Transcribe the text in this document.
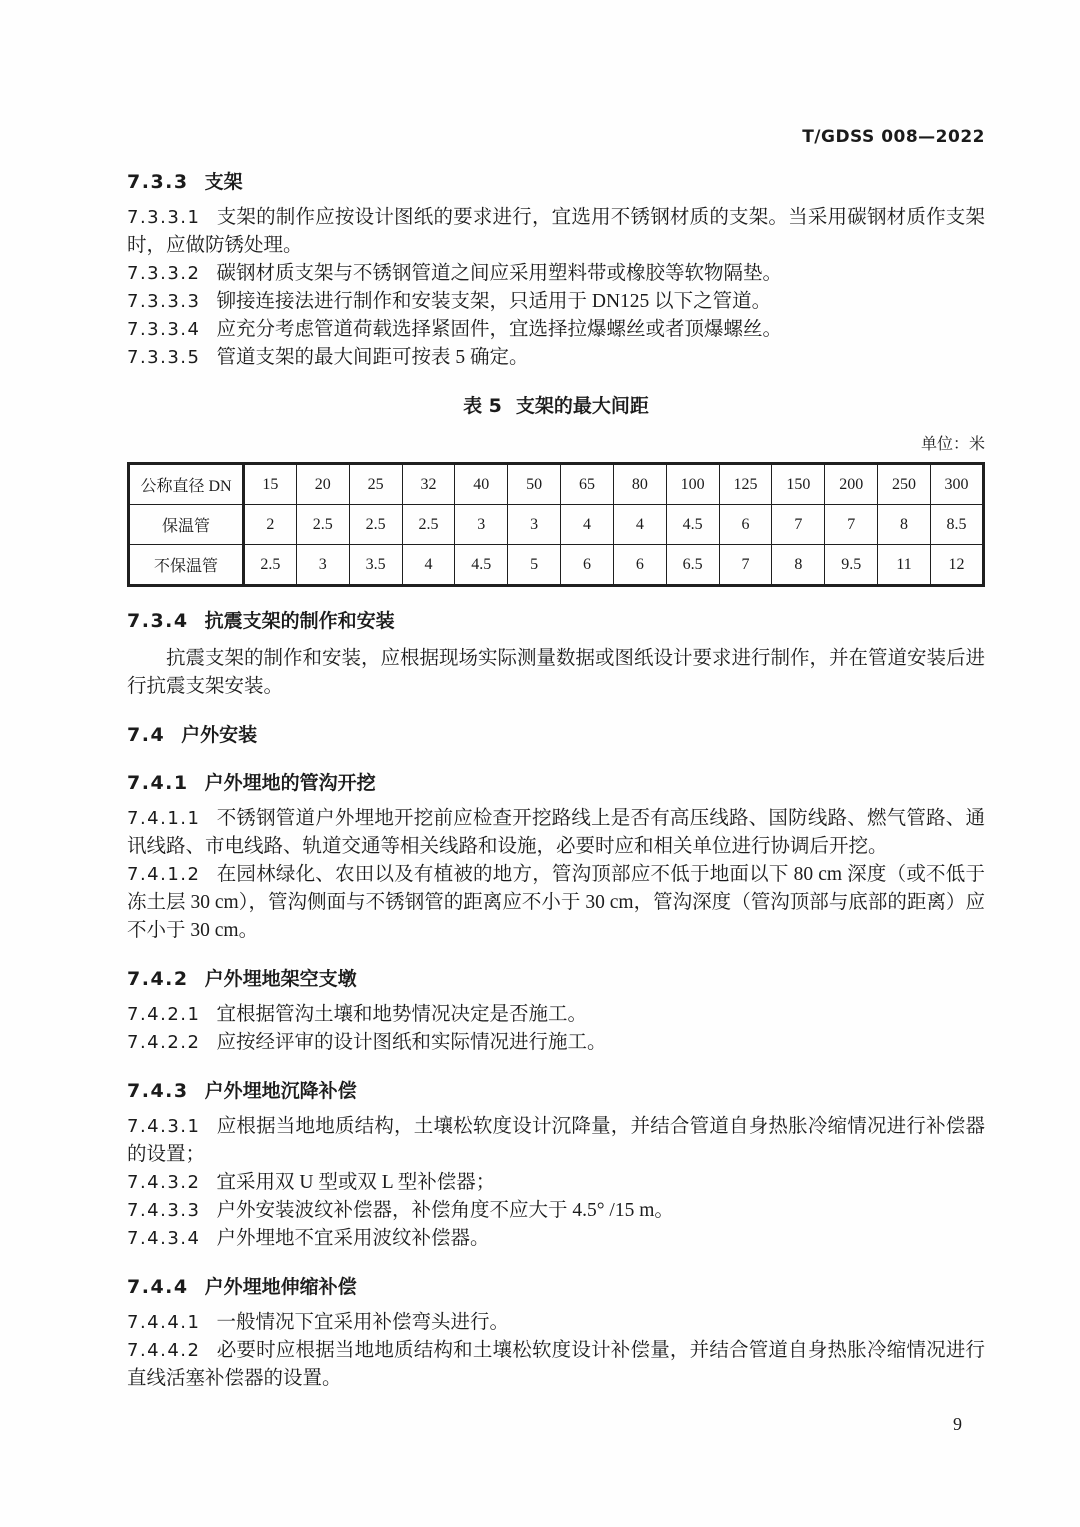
T/GDSS 008—2022
7.3.3 支架

7.3.3.1 支架的制作应按设计图纸的要求进行，宜选用不锈钢材质的支架。当采用碳钢材质作支架时，应做防锈处理。

7.3.3.2 碳钢材质支架与不锈钢管道之间应采用塑料带或橡胶等软物隔垫。

7.3.3.3 铆接连接法进行制作和安装支架，只适用于 DN125 以下之管道。

7.3.3.4 应充分考虑管道荷载选择紧固件，宜选择拉爆螺丝或者顶爆螺丝。

7.3.3.5 管道支架的最大间距可按表 5 确定。

表 5 支架的最大间距
单位：米
公称直径 DN	15	20	25	32	40	50	65	80	100	125	150	200	250	300
保温管	2	2.5	2.5	2.5	3	3	4	4	4.5	6	7	7	8	8.5
不保温管	2.5	3	3.5	4	4.5	5	6	6	6.5	7	8	9.5	11	12
7.3.4 抗震支架的制作和安装

抗震支架的制作和安装，应根据现场实际测量数据或图纸设计要求进行制作，并在管道安装后进行抗震支架安装。

7.4 户外安装
7.4.1 户外埋地的管沟开挖

7.4.1.1 不锈钢管道户外埋地开挖前应检查开挖路线上是否有高压线路、国防线路、燃气管路、通讯线路、市电线路、轨道交通等相关线路和设施，必要时应和相关单位进行协调后开挖。

7.4.1.2 在园林绿化、农田以及有植被的地方，管沟顶部应不低于地面以下 80 cm 深度（或不低于冻土层 30 cm），管沟侧面与不锈钢管的距离应不小于 30 cm，管沟深度（管沟顶部与底部的距离）应不小于 30 cm。

7.4.2 户外埋地架空支墩

7.4.2.1 宜根据管沟土壤和地势情况决定是否施工。

7.4.2.2 应按经评审的设计图纸和实际情况进行施工。

7.4.3 户外埋地沉降补偿

7.4.3.1 应根据当地地质结构，土壤松软度设计沉降量，并结合管道自身热胀冷缩情况进行补偿器的设置；

7.4.3.2 宜采用双 U 型或双 L 型补偿器；

7.4.3.3 户外安装波纹补偿器，补偿角度不应大于 4.5° /15 m。

7.4.3.4 户外埋地不宜采用波纹补偿器。

7.4.4 户外埋地伸缩补偿

7.4.4.1 一般情况下宜采用补偿弯头进行。

7.4.4.2 必要时应根据当地地质结构和土壤松软度设计补偿量，并结合管道自身热胀冷缩情况进行直线活塞补偿器的设置。

9
